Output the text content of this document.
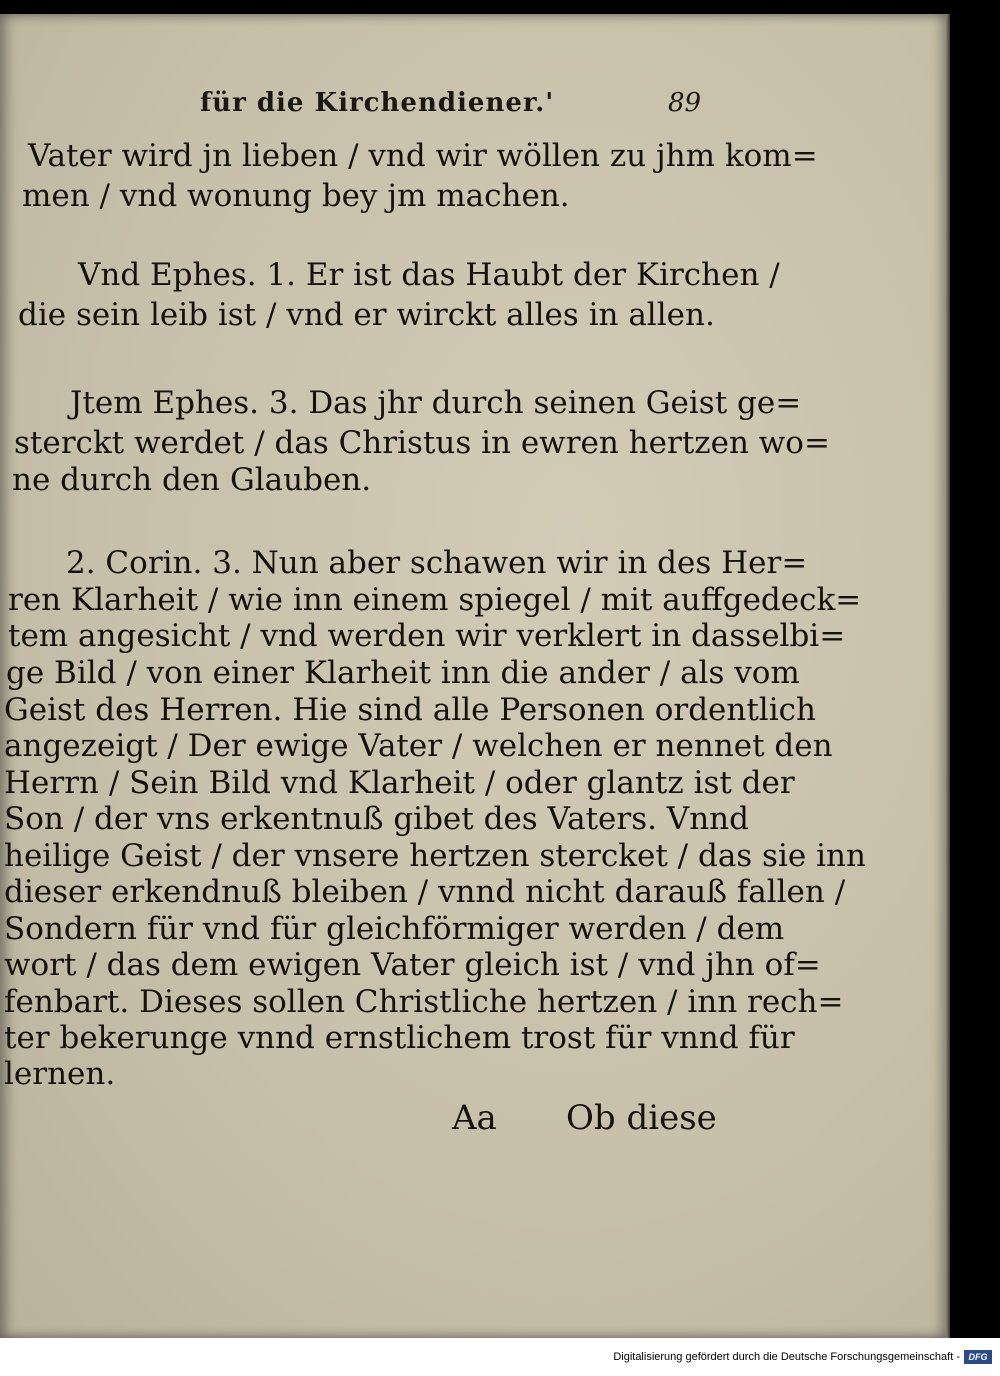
für die Kirchendiener.'	89
Vater wird jn lieben / vnd wir wöllen zu jhm kom=
men / vnd wonung bey jm machen.
Vnd Ephes. 1. Er ist das Haubt der Kirchen /
die sein leib ist / vnd er wirckt alles in allen.
Jtem Ephes. 3. Das jhr durch seinen Geist ge=
sterckt werdet / das Christus in ewren hertzen wo=
ne durch den Glauben.
2. Corin. 3. Nun aber schawen wir in des Her=
ren Klarheit / wie inn einem spiegel / mit auffgedeck=
tem angesicht / vnd werden wir verklert in dasselbi=
ge Bild / von einer Klarheit inn die ander / als vom
Geist des Herren. Hie sind alle Personen ordentlich
angezeigt / Der ewige Vater / welchen er nennet den
Herrn / Sein Bild vnd Klarheit / oder glantz ist der
Son / der vns erkentnuß gibet des Vaters. Vnnd
heilige Geist / der vnsere hertzen stercket / das sie inn
dieser erkendnuß bleiben / vnnd nicht darauß fallen /
Sondern für vnd für gleichförmiger werden / dem
wort / das dem ewigen Vater gleich ist / vnd jhn of=
fenbart. Dieses sollen Christliche hertzen / inn rech=
ter bekerunge vnnd ernstlichem trost für vnnd für
lernen.
Aa Ob diese
Digitalisierung gefördert durch die Deutsche Forschungsgemeinschaft - DFG
